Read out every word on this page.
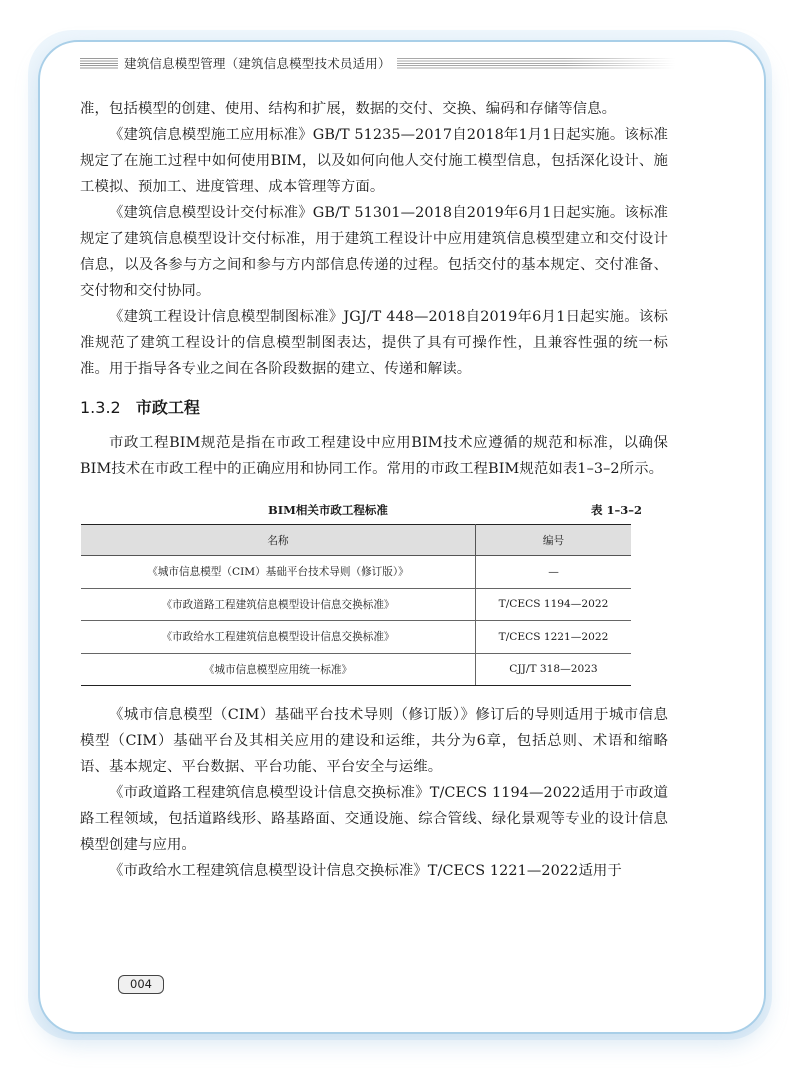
建筑信息模型管理（建筑信息模型技术员适用）

准，包括模型的创建、使用、结构和扩展，数据的交付、交换、编码和存储等信息。

《建筑信息模型施工应用标准》GB/T 51235—2017自2018年1月1日起实施。该标准规定了在施工过程中如何使用BIM，以及如何向他人交付施工模型信息，包括深化设计、施工模拟、预加工、进度管理、成本管理等方面。

《建筑信息模型设计交付标准》GB/T 51301—2018自2019年6月1日起实施。该标准规定了建筑信息模型设计交付标准，用于建筑工程设计中应用建筑信息模型建立和交付设计信息，以及各参与方之间和参与方内部信息传递的过程。包括交付的基本规定、交付准备、交付物和交付协同。

《建筑工程设计信息模型制图标准》JGJ/T 448—2018自2019年6月1日起实施。该标准规范了建筑工程设计的信息模型制图表达，提供了具有可操作性，且兼容性强的统一标准。用于指导各专业之间在各阶段数据的建立、传递和解读。

1.3.2 市政工程

市政工程BIM规范是指在市政工程建设中应用BIM技术应遵循的规范和标准，以确保BIM技术在市政工程中的正确应用和协同工作。常用的市政工程BIM规范如表1–3–2所示。

BIM相关市政工程标准	表 1–3–2
名称	编号
《城市信息模型（CIM）基础平台技术导则（修订版）》	—
《市政道路工程建筑信息模型设计信息交换标准》	T/CECS 1194—2022
《市政给水工程建筑信息模型设计信息交换标准》	T/CECS 1221—2022
《城市信息模型应用统一标准》	CJJ/T 318—2023

《城市信息模型（CIM）基础平台技术导则（修订版）》修订后的导则适用于城市信息模型（CIM）基础平台及其相关应用的建设和运维，共分为6章，包括总则、术语和缩略语、基本规定、平台数据、平台功能、平台安全与运维。

《市政道路工程建筑信息模型设计信息交换标准》T/CECS 1194—2022适用于市政道路工程领域，包括道路线形、路基路面、交通设施、综合管线、绿化景观等专业的设计信息模型创建与应用。

《市政给水工程建筑信息模型设计信息交换标准》T/CECS 1221—2022适用于

004
